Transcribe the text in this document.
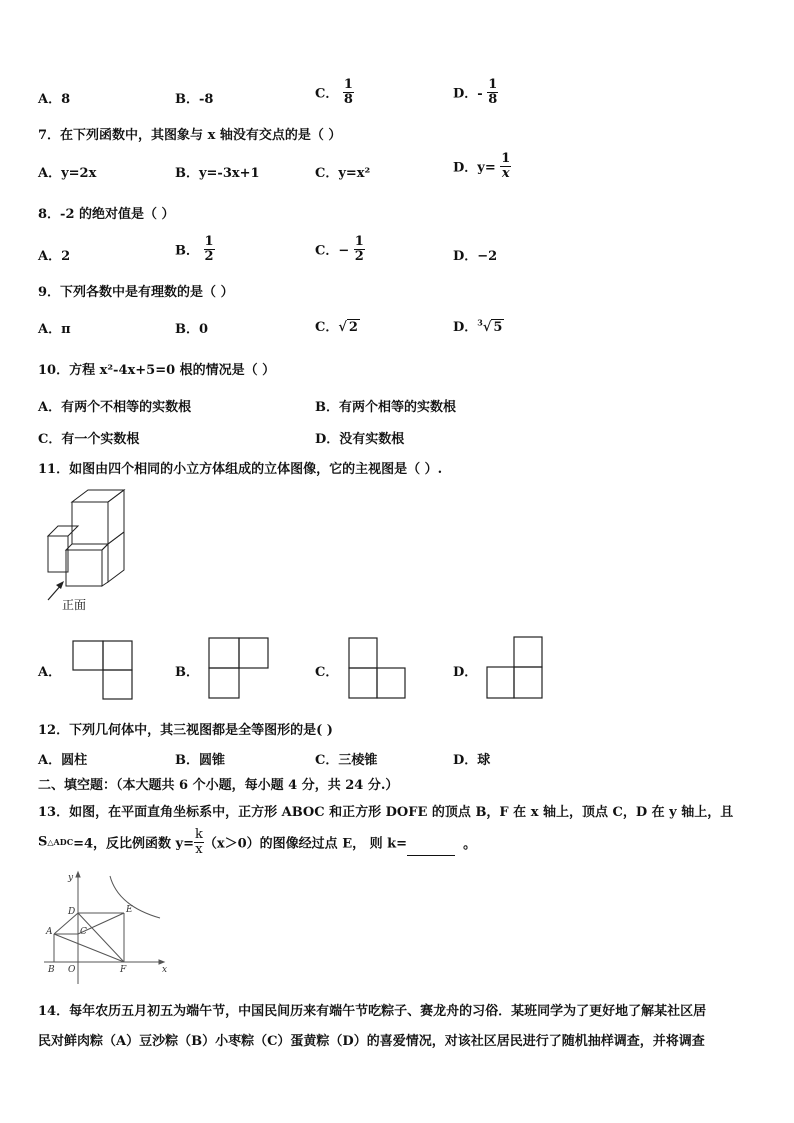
A．8	B．-8	C． $\frac{1}{8}$	D．- $\frac{1}{8}$
7．在下列函数中，其图象与 x 轴没有交点的是（ ）
A．y=2x	B．y=-3x+1	C．y=x²	D．$y= \frac{1}{x}$
8．-2 的绝对值是（ ）
A．2	B． $\frac{1}{2}$	C．− $\frac{1}{2}$	D．−2
9．下列各数中是有理数的是（ ）
A．π	B．0	C．√ 2	D．$^3$√ 5
10．方程 x²-4x+5=0 根的情况是（ ）
A．有两个不相等的实数根	B．有两个相等的实数根
C．有一个实数根	D．没有实数根
11．如图由四个相同的小立方体组成的立体图像，它的主视图是（ ）.
正面
A．	B．	C．	D．
12．下列几何体中，其三视图都是全等图形的是( )
A．圆柱	B．圆锥	C．三棱锥	D．球
二、填空题：（本大题共 6 个小题，每小题 4 分，共 24 分.）
13．如图，在平面直角坐标系中，正方形 ABOC 和正方形 DOFE 的顶点 B，F 在 x 轴上，顶点 C，D 在 y 轴上，且
S△ADC=4，反比例函数 $y= \frac{k}{x} (x>0)$的图像经过点 E， 则 k=	。
y
x
D	E
A	C
B O	F
14．每年农历五月初五为端午节，中国民间历来有端午节吃粽子、赛龙舟的习俗．某班同学为了更好地了解某社区居
民对鲜肉粽（A）豆沙粽（B）小枣粽（C）蛋黄粽（D）的喜爱情况，对该社区居民进行了随机抽样调查，并将调查
